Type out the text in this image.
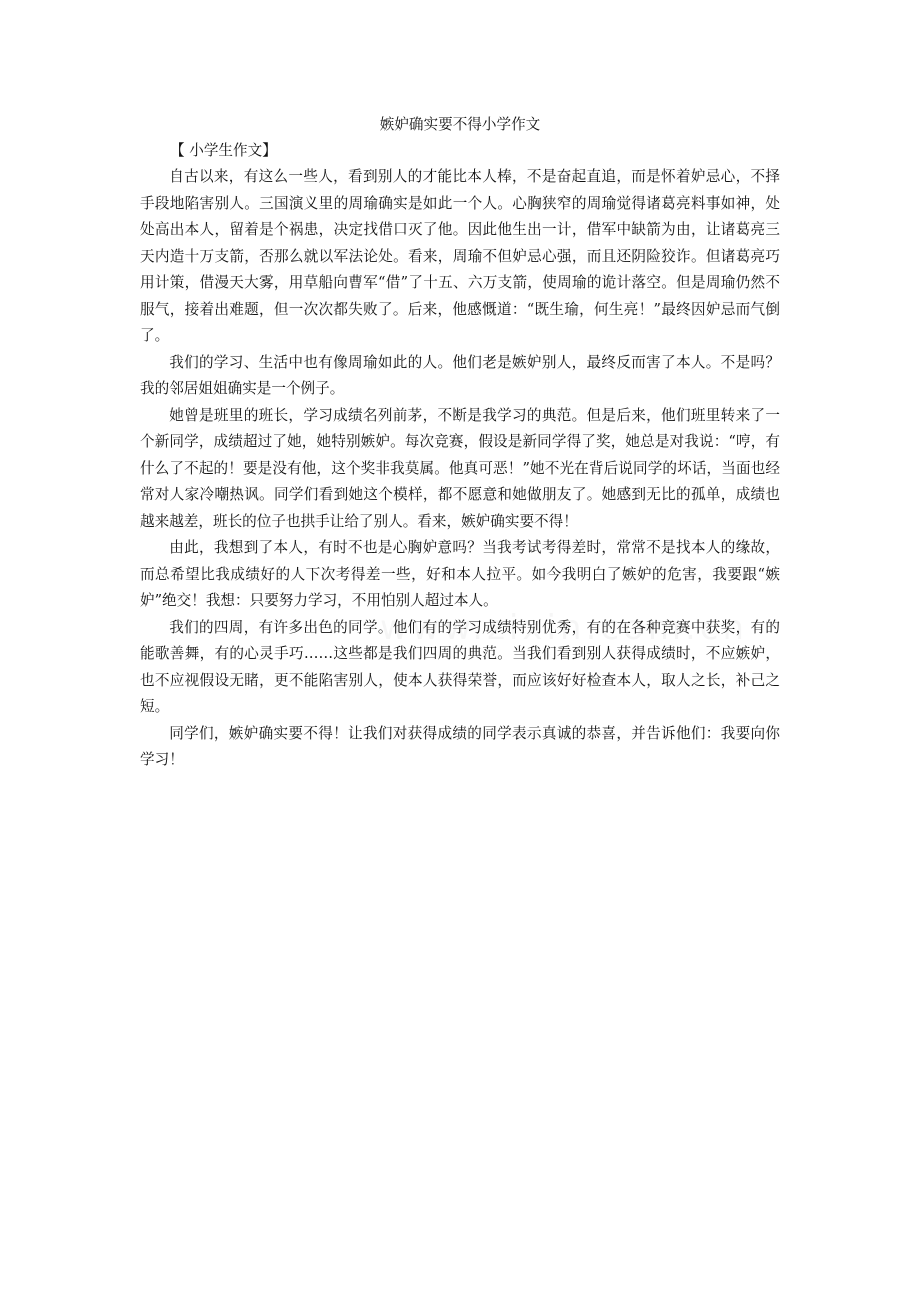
嫉妒确实要不得小学作文

【 小学生作文】

自古以来，有这么一些人，看到别人的才能比本人棒，不是奋起直追，而是怀着妒忌心，不择手段地陷害别人。三国演义里的周瑜确实是如此一个人。心胸狭窄的周瑜觉得诸葛亮料事如神，处处高出本人，留着是个祸患，决定找借口灭了他。因此他生出一计，借军中缺箭为由，让诸葛亮三天内造十万支箭，否那么就以军法论处。看来，周瑜不但妒忌心强，而且还阴险狡诈。但诸葛亮巧用计策，借漫天大雾，用草船向曹军“借”了十五、六万支箭，使周瑜的诡计落空。但是周瑜仍然不服气，接着出难题，但一次次都失败了。后来，他感慨道：“既生瑜，何生亮！”最终因妒忌而气倒了。

我们的学习、生活中也有像周瑜如此的人。他们老是嫉妒别人，最终反而害了本人。不是吗？我的邻居姐姐确实是一个例子。

她曾是班里的班长，学习成绩名列前茅，不断是我学习的典范。但是后来，他们班里转来了一个新同学，成绩超过了她，她特别嫉妒。每次竞赛，假设是新同学得了奖，她总是对我说：“哼，有什么了不起的！要是没有他，这个奖非我莫属。他真可恶！”她不光在背后说同学的坏话，当面也经常对人家冷嘲热讽。同学们看到她这个模样，都不愿意和她做朋友了。她感到无比的孤单，成绩也越来越差，班长的位子也拱手让给了别人。看来，嫉妒确实要不得！

由此，我想到了本人，有时不也是心胸妒意吗？当我考试考得差时，常常不是找本人的缘故，而总希望比我成绩好的人下次考得差一些，好和本人拉平。如今我明白了嫉妒的危害，我要跟“嫉妒”绝交！我想：只要努力学习，不用怕别人超过本人。

我们的四周，有许多出色的同学。他们有的学习成绩特别优秀，有的在各种竞赛中获奖，有的能歌善舞，有的心灵手巧……这些都是我们四周的典范。当我们看到别人获得成绩时，不应嫉妒，也不应视假设无睹，更不能陷害别人，使本人获得荣誉，而应该好好检查本人，取人之长，补己之短。

同学们，嫉妒确实要不得！让我们对获得成绩的同学表示真诚的恭喜，并告诉他们：我要向你学习！
